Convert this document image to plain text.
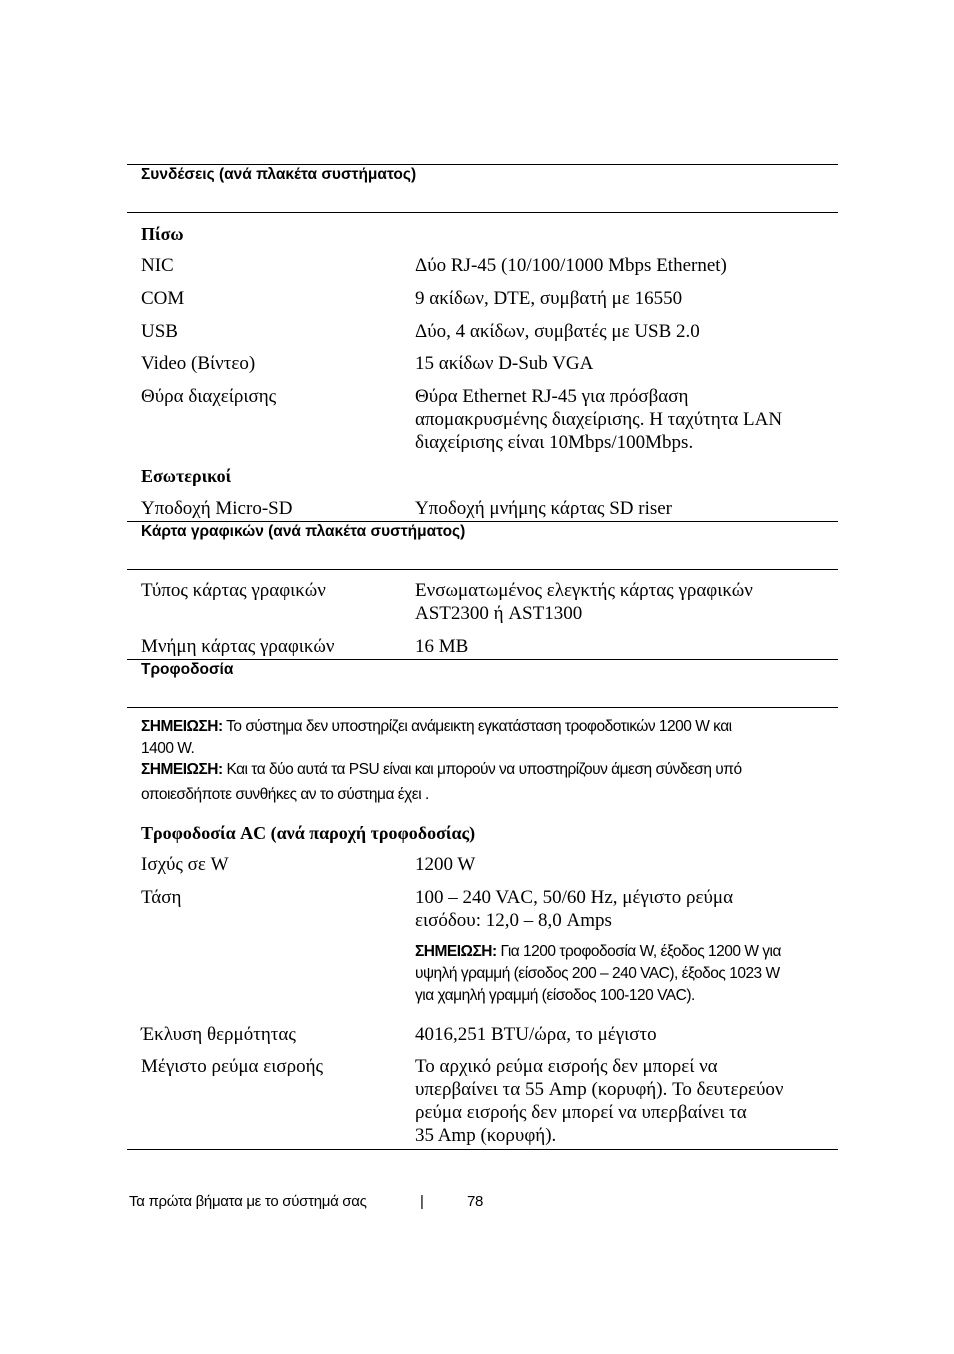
Συνδέσεις (ανά πλακέτα συστήματος)
Πίσω
NIC	Δύο RJ-45 (10/100/1000 Mbps Ethernet)
COM	9 ακίδων, DTE, συμβατή με 16550
USB	Δύο, 4 ακίδων, συμβατές με USB 2.0
Video (Βίντεο)	15 ακίδων D-Sub VGA
Θύρα διαχείρισης	Θύρα Ethernet RJ-45 για πρόσβαση
απομακρυσμένης διαχείρισης. Η ταχύτητα LAN
διαχείρισης είναι 10Mbps/100Mbps.
Εσωτερικοί
Υποδοχή Micro-SD	Υποδοχή μνήμης κάρτας SD riser
Κάρτα γραφικών (ανά πλακέτα συστήματος)
Τύπος κάρτας γραφικών	Ενσωματωμένος ελεγκτής κάρτας γραφικών
AST2300 ή AST1300
Μνήμη κάρτας γραφικών	16 MB
Τροφοδοσία
ΣΗΜΕΙΩΣΗ: Το σύστημα δεν υποστηρίζει ανάμεικτη εγκατάσταση τροφοδοτικών 1200 W και
1400 W.
ΣΗΜΕΙΩΣΗ: Και τα δύο αυτά τα PSU είναι και μπορούν να υποστηρίζουν άμεση σύνδεση υπό
οποιεσδήποτε συνθήκες αν το σύστημα έχει .
Τροφοδοσία AC (ανά παροχή τροφοδοσίας)
Ισχύς σε W	1200 W
Τάση	100 – 240 VAC, 50/60 Hz, μέγιστο ρεύμα
εισόδου: 12,0 – 8,0 Amps
ΣΗΜΕΙΩΣΗ: Για 1200 τροφοδοσία W, έξοδος 1200 W για
υψηλή γραμμή (είσοδος 200 – 240 VAC), έξοδος 1023 W
για χαμηλή γραμμή (είσοδος 100-120 VAC).
Έκλυση θερμότητας	4016,251 BTU/ώρα, το μέγιστο
Μέγιστο ρεύμα εισροής	Το αρχικό ρεύμα εισροής δεν μπορεί να
υπερβαίνει τα 55 Amp (κορυφή). Το δευτερεύον
ρεύμα εισροής δεν μπορεί να υπερβαίνει τα
35 Amp (κορυφή).
Τα πρώτα βήματα με το σύστημά σας	|	78
